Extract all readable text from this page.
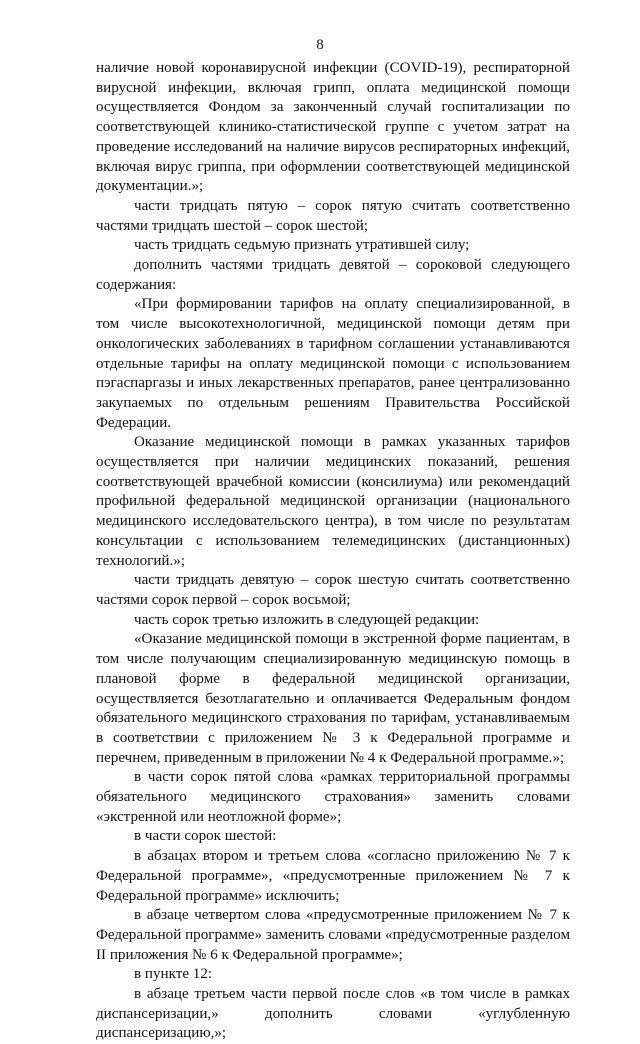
8

наличие новой коронавирусной инфекции (COVID-19), респираторной вирусной инфекции, включая грипп, оплата медицинской помощи осуществляется Фондом за законченный случай госпитализации по соответствующей клинико-статистической группе с учетом затрат на проведение исследований на наличие вирусов респираторных инфекций, включая вирус гриппа, при оформлении соответствующей медицинской документации.»;

части тридцать пятую – сорок пятую считать соответственно частями тридцать шестой – сорок шестой;

часть тридцать седьмую признать утратившей силу;

дополнить частями тридцать девятой – сороковой следующего содержания:

«При формировании тарифов на оплату специализированной, в том числе высокотехнологичной, медицинской помощи детям при онкологических заболеваниях в тарифном соглашении устанавливаются отдельные тарифы на оплату медицинской помощи с использованием пэгаспаргазы и иных лекарственных препаратов, ранее централизованно закупаемых по отдельным решениям Правительства Российской Федерации.

Оказание медицинской помощи в рамках указанных тарифов осуществляется при наличии медицинских показаний, решения соответствующей врачебной комиссии (консилиума) или рекомендаций профильной федеральной медицинской организации (национального медицинского исследовательского центра), в том числе по результатам консультации с использованием телемедицинских (дистанционных) технологий.»;

части тридцать девятую – сорок шестую считать соответственно частями сорок первой – сорок восьмой;

часть сорок третью изложить в следующей редакции:

«Оказание медицинской помощи в экстренной форме пациентам, в том числе получающим специализированную медицинскую помощь в плановой форме в федеральной медицинской организации, осуществляется безотлагательно и оплачивается Федеральным фондом обязательного медицинского страхования по тарифам, устанавливаемым в соответствии с приложением № 3 к Федеральной программе и перечнем, приведенным в приложении № 4 к Федеральной программе.»;

в части сорок пятой слова «рамках территориальной программы обязательного медицинского страхования» заменить словами «экстренной или неотложной форме»;

в части сорок шестой:

в абзацах втором и третьем слова «согласно приложению № 7 к Федеральной программе», «предусмотренные приложением № 7 к Федеральной программе» исключить;

в абзаце четвертом слова «предусмотренные приложением № 7 к Федеральной программе» заменить словами «предусмотренные разделом II приложения № 6 к Федеральной программе»;

в пункте 12:

в абзаце третьем части первой после слов «в том числе в рамках диспансеризации,» дополнить словами «углубленную диспансеризацию,»;
